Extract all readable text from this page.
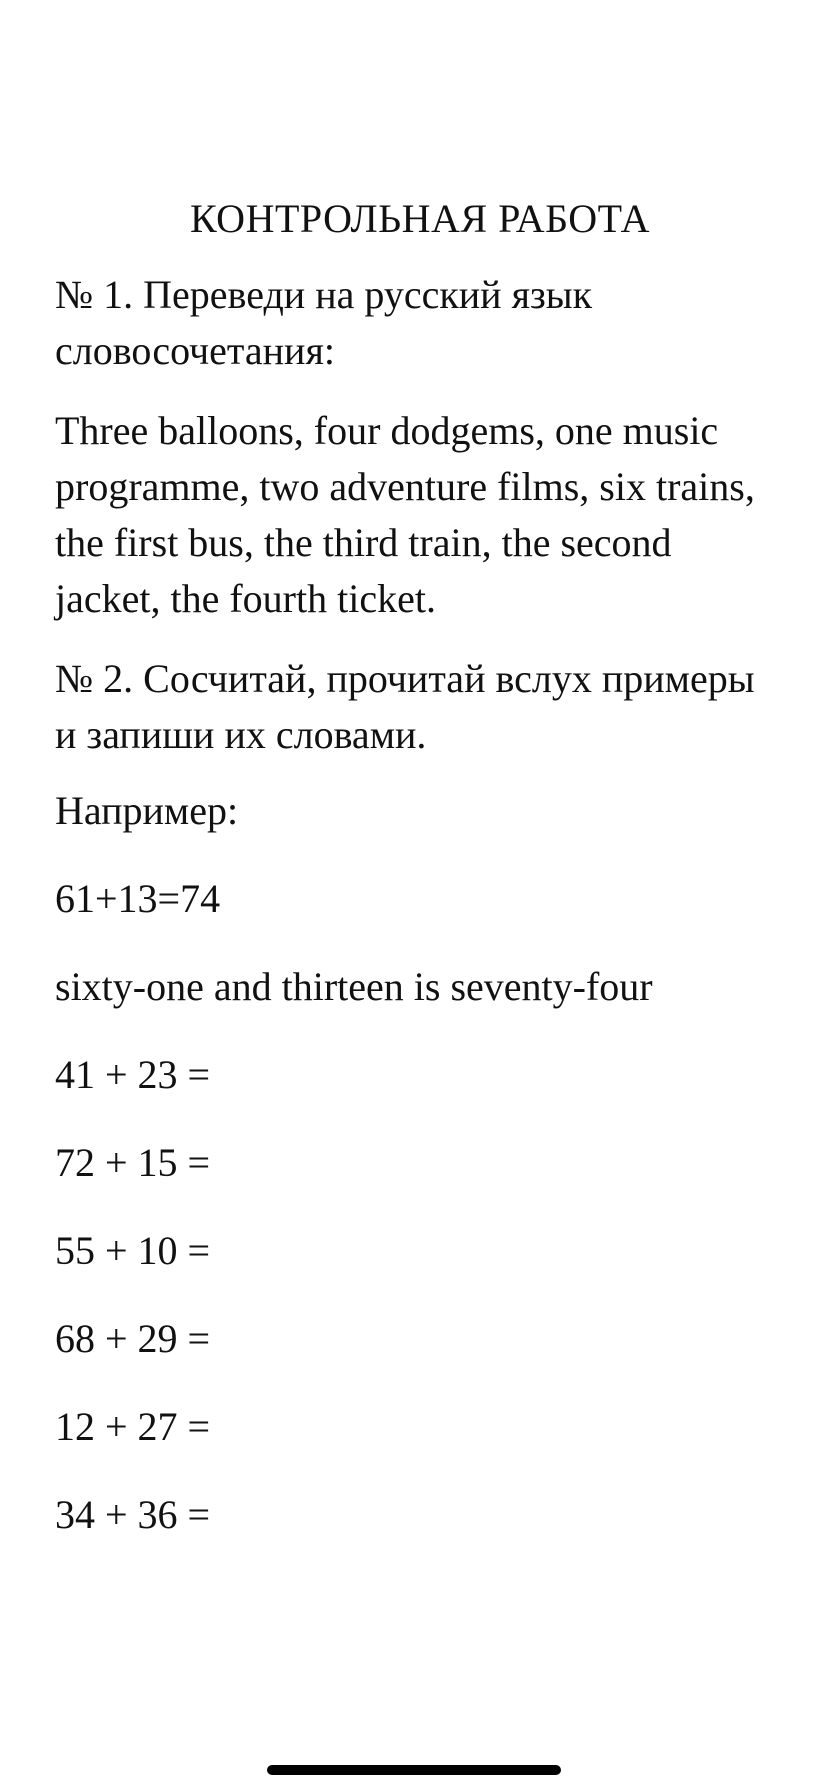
КОНТРОЛЬНАЯ РАБОТА
№ 1. Переведи на русский язык словосочетания:
Three balloons, four dodgems, one music programme, two adventure films, six trains, the first bus, the third train, the second jacket, the fourth ticket.
№ 2. Сосчитай, прочитай вслух примеры и запиши их словами.
Например:
61+13=74
sixty-one and thirteen is seventy-four
41 + 23 =
72 + 15 =
55 + 10 =
68 + 29 =
12 + 27 =
34 + 36 =
